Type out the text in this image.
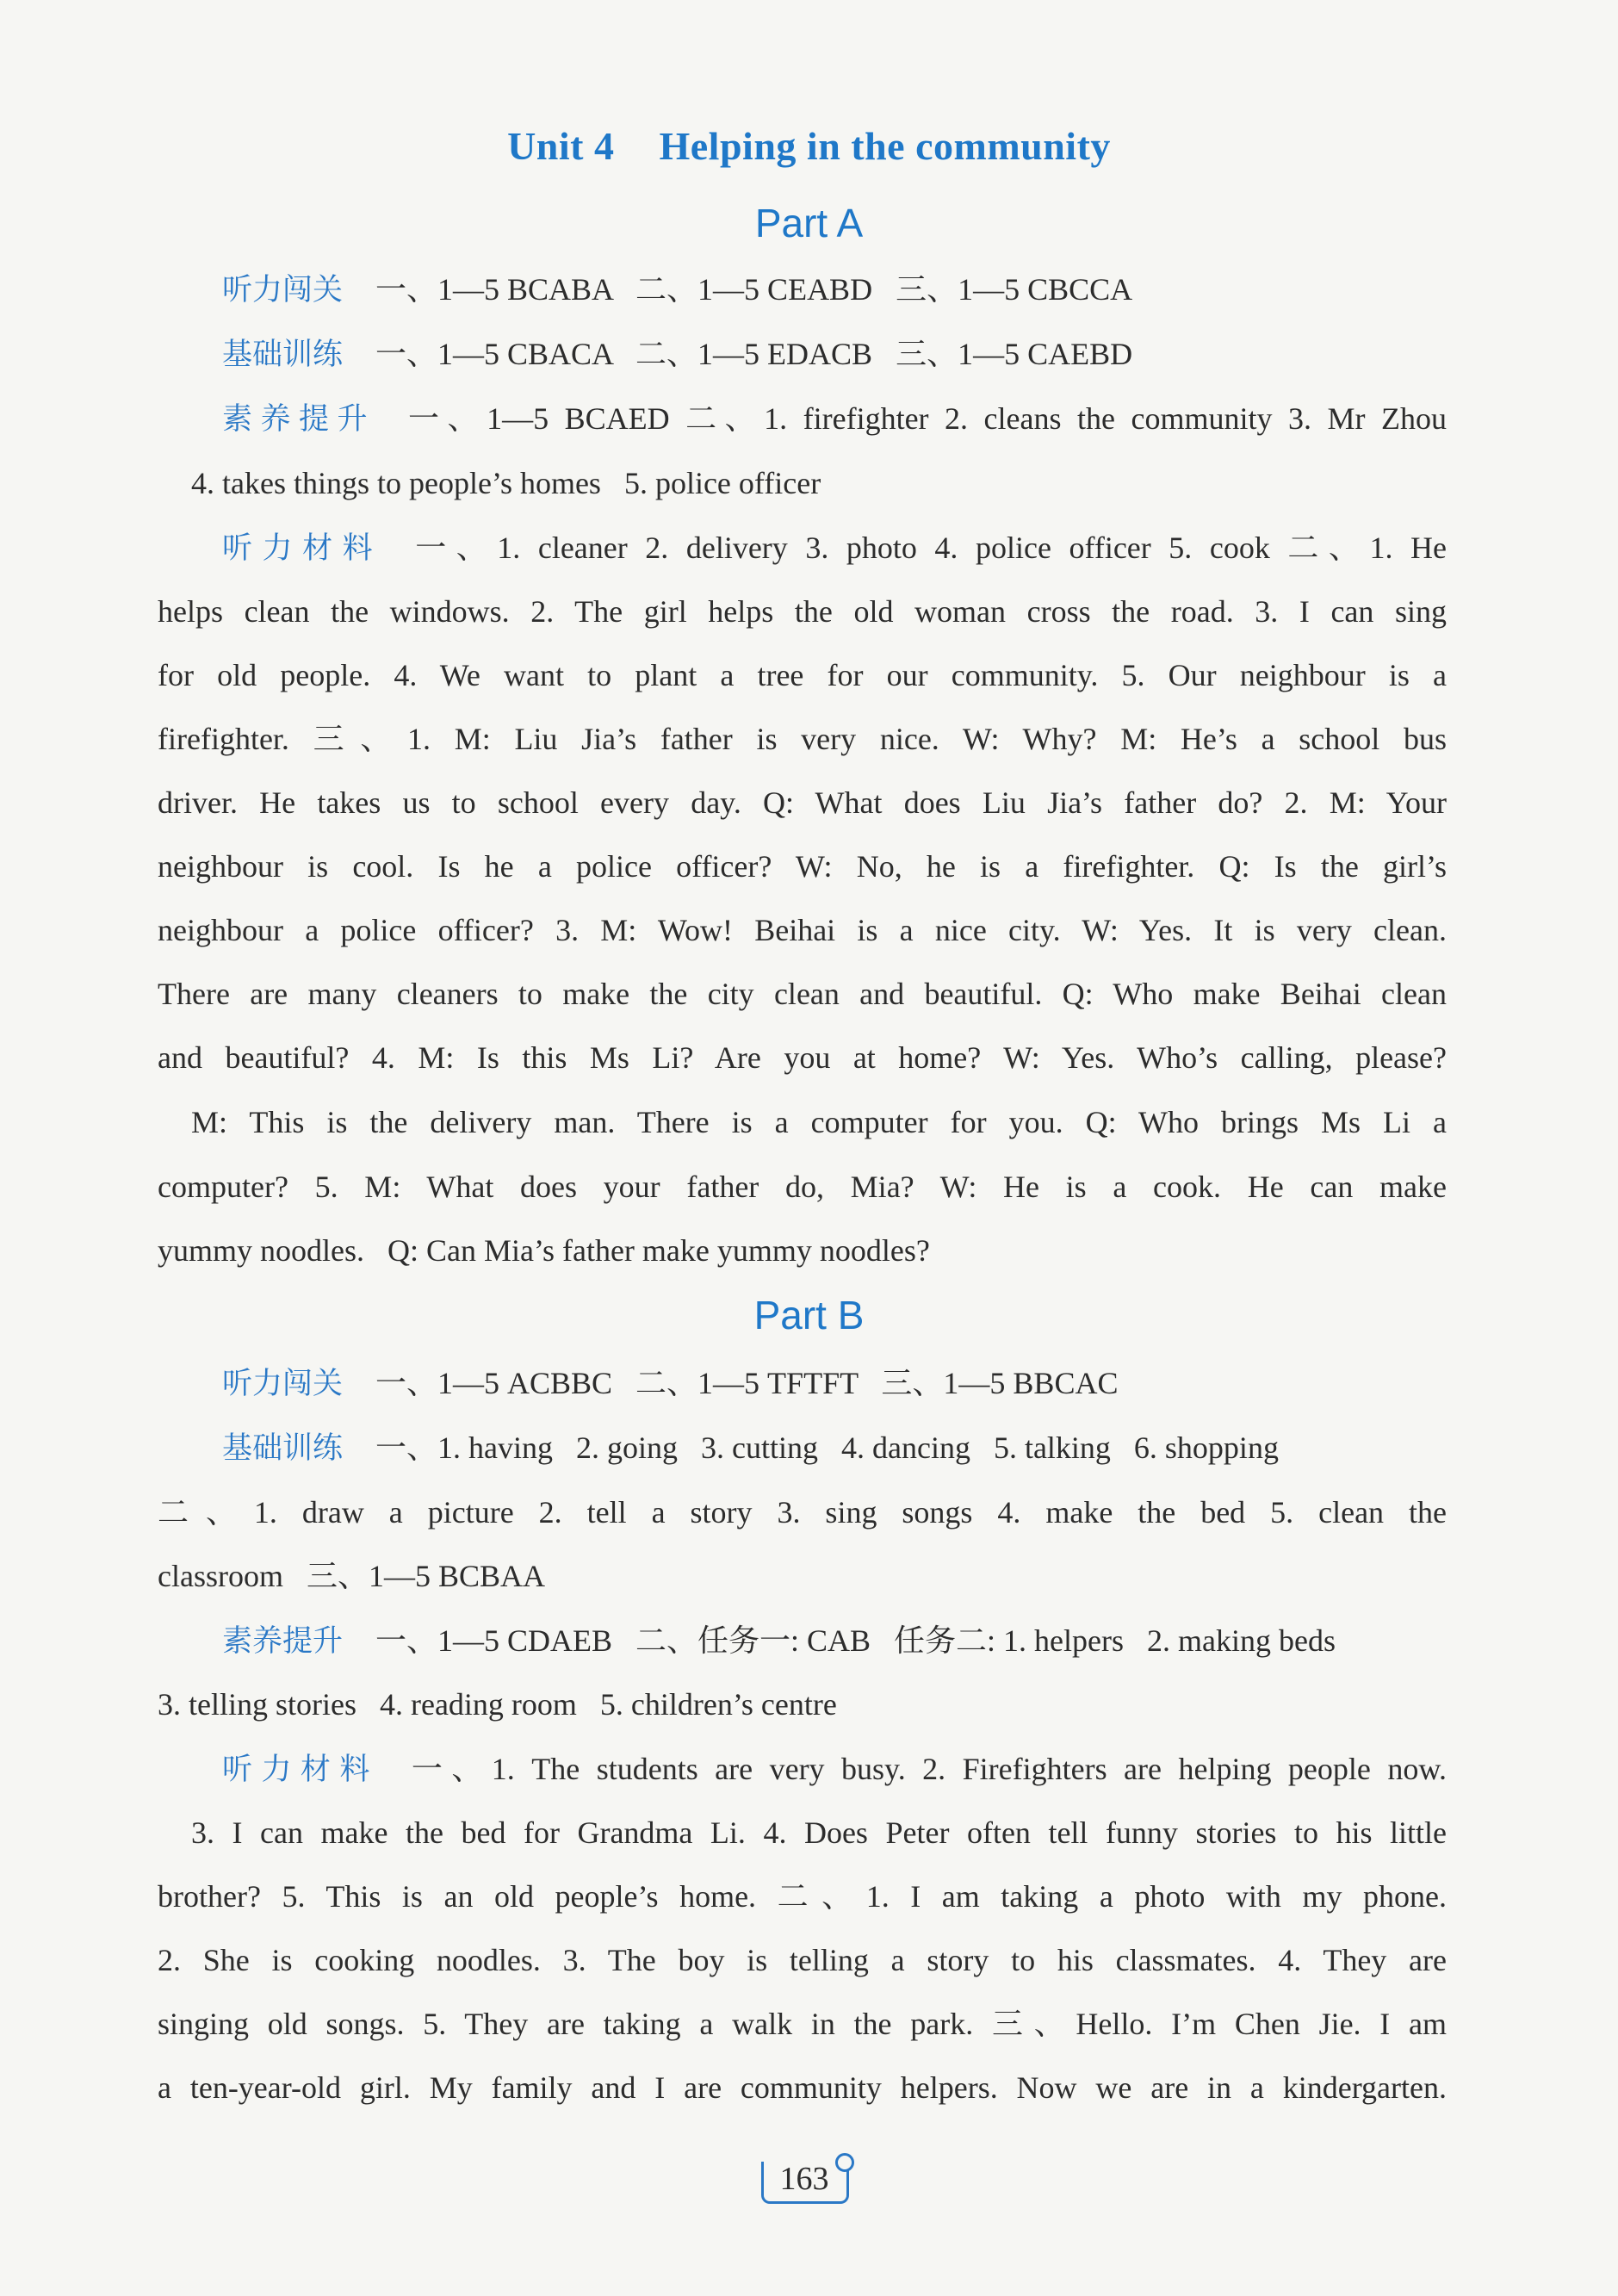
Unit 4 Helping in the community
Part A
听力闯关 一、1—5 BCABA   二、1—5 CEABD   三、1—5 CBCCA
基础训练 一、1—5 CBACA   二、1—5 EDACB   三、1—5 CAEBD
素养提升 一、1—5 BCAED 二、1. firefighter 2. cleans the community 3. Mr Zhou
4. takes things to people’s homes   5. police officer
听力材料 一、1. cleaner 2. delivery 3. photo 4. police officer 5. cook 二、1. He
helps clean the windows. 2. The girl helps the old woman cross the road. 3. I can sing
for old people. 4. We want to plant a tree for our community. 5. Our neighbour is a
firefighter. 三、1. M: Liu Jia’s father is very nice. W: Why? M: He’s a school bus
driver. He takes us to school every day. Q: What does Liu Jia’s father do? 2. M: Your
neighbour is cool. Is he a police officer? W: No, he is a firefighter. Q: Is the girl’s
neighbour a police officer? 3. M: Wow! Beihai is a nice city. W: Yes. It is very clean.
There are many cleaners to make the city clean and beautiful. Q: Who make Beihai clean
and beautiful? 4. M: Is this Ms Li? Are you at home? W: Yes. Who’s calling, please?
M: This is the delivery man. There is a computer for you. Q: Who brings Ms Li a
computer? 5. M: What does your father do, Mia? W: He is a cook. He can make
yummy noodles.   Q: Can Mia’s father make yummy noodles?
Part B
听力闯关 一、1—5 ACBBC   二、1—5 TFTFT   三、1—5 BBCAC
基础训练 一、1. having   2. going   3. cutting   4. dancing   5. talking   6. shopping
二、1. draw a picture 2. tell a story 3. sing songs 4. make the bed 5. clean the
classroom   三、1—5 BCBAA
素养提升 一、1—5 CDAEB   二、任务一: CAB   任务二: 1. helpers   2. making beds
3. telling stories   4. reading room   5. children’s centre
听力材料 一、1. The students are very busy. 2. Firefighters are helping people now.
3. I can make the bed for Grandma Li. 4. Does Peter often tell funny stories to his little
brother? 5. This is an old people’s home. 二、1. I am taking a photo with my phone.
2. She is cooking noodles. 3. The boy is telling a story to his classmates. 4. They are
singing old songs. 5. They are taking a walk in the park. 三、Hello. I’m Chen Jie. I am
a ten-year-old girl. My family and I are community helpers. Now we are in a kindergarten.
163
